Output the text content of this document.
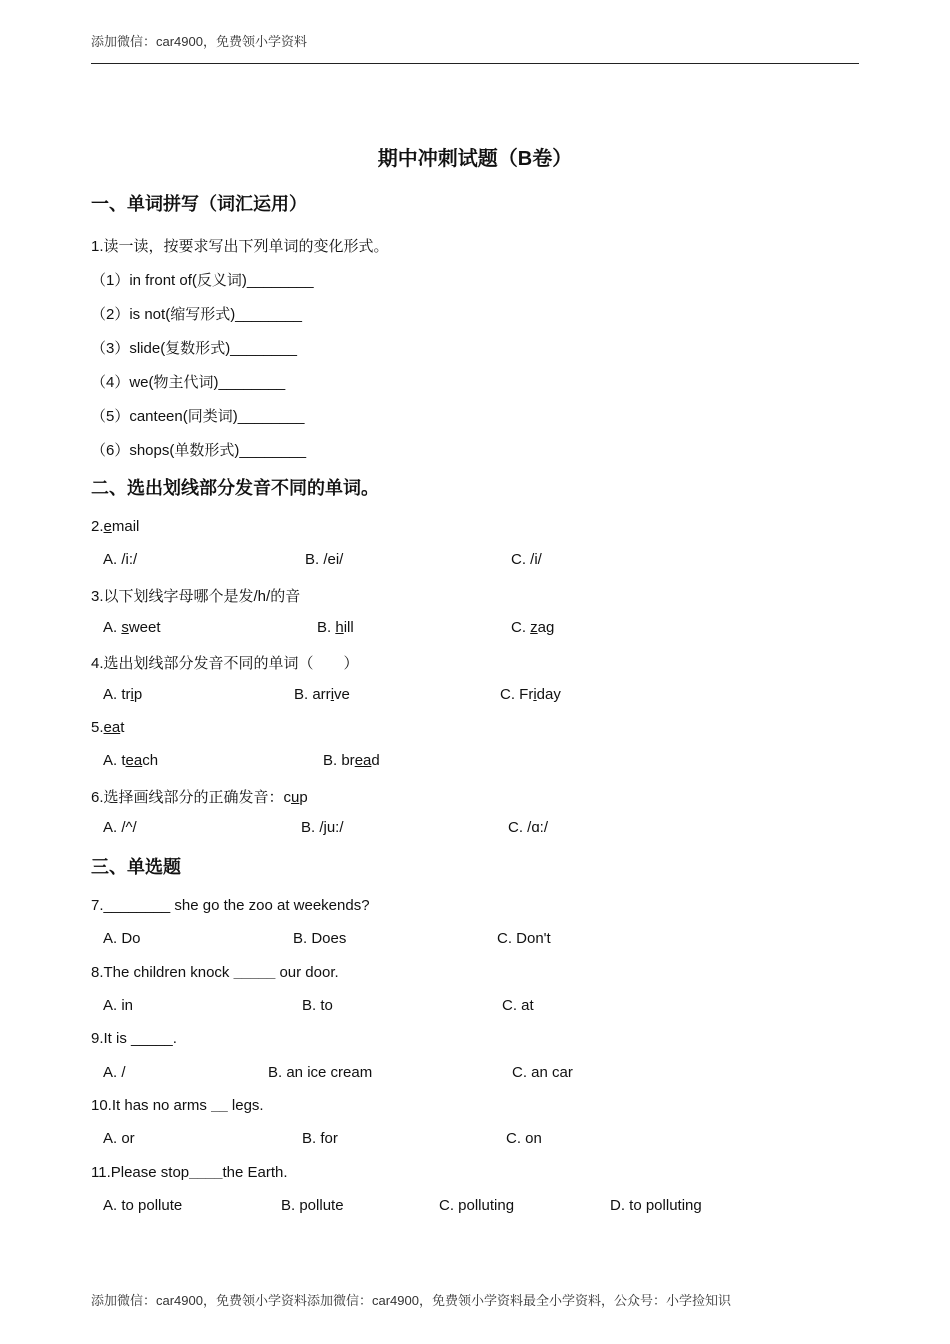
添加微信：car4900，免费领小学资料
期中冲刺试题（B卷）
一、单词拼写（词汇运用）
1.读一读，按要求写出下列单词的变化形式。
（1）in front of(反义词)________
（2）is not(缩写形式)________
（3）slide(复数形式)________
（4）we(物主代词)________
（5）canteen(同类词)________
（6）shops(单数形式)________
二、选出划线部分发音不同的单词。
2.email
A. /i:/	B. /ei/	C. /i/
3.以下划线字母哪个是发/h/的音
A. sweet	B. hill	C. zag
4.选出划线部分发音不同的单词（　　）
A. trip	B. arrive	C. Friday
5.eat
A. teach	B. bread
6.选择画线部分的正确发音：cup
A. /^/	B. /ju:/	C. /ɑ:/
三、单选题
7.________ she go the zoo at weekends?
A. Do	B. Does	C. Don't
8.The children knock _____ our door.
A. in	B. to	C. at
9.It is _____.
A. /	B. an ice cream	C. an car
10.It has no arms __ legs.
A. or	B. for	C. on
11.Please stop____the Earth.
A. to pollute	B. pollute	C. polluting	D. to polluting
添加微信：car4900，免费领小学资料添加微信：car4900，免费领小学资料最全小学资料，公众号：小学捡知识
